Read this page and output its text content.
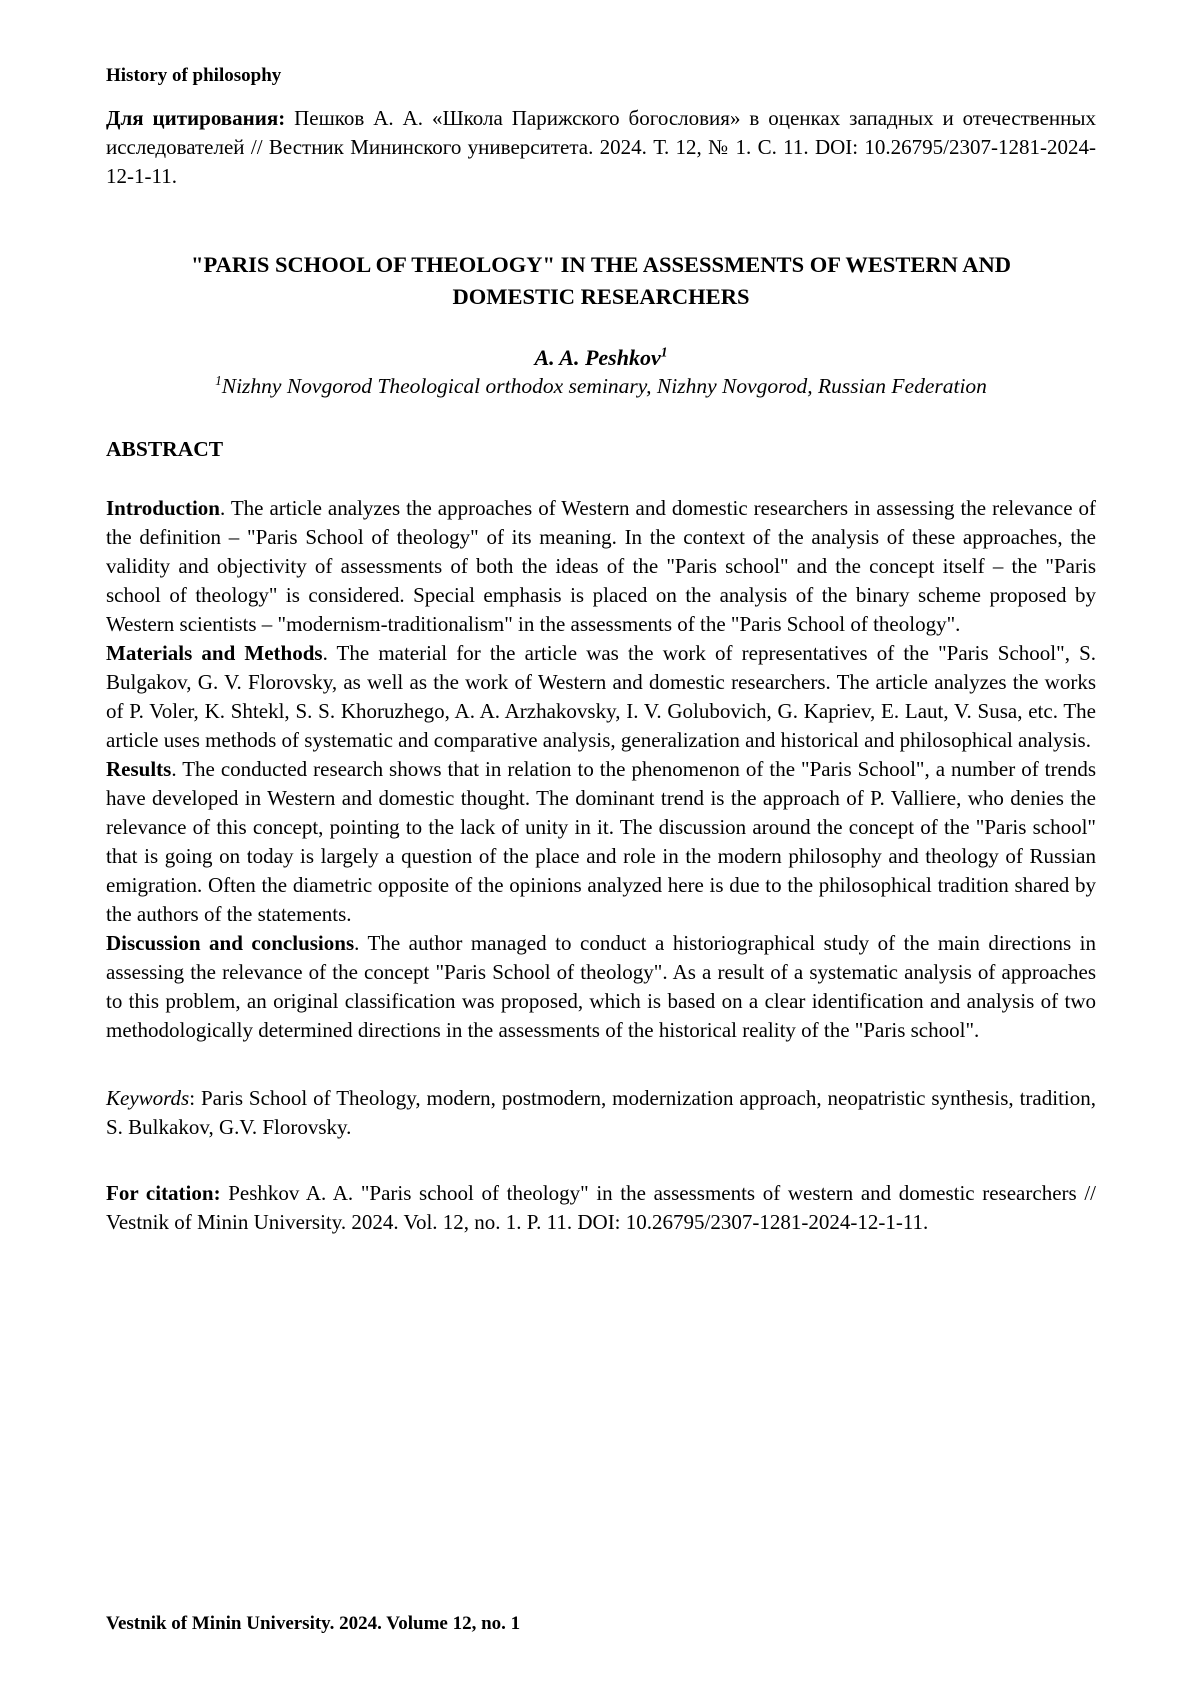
History of philosophy

Для цитирования: Пешков А. А. «Школа Парижского богословия» в оценках западных и отечественных исследователей // Вестник Мининского университета. 2024. Т. 12, № 1. С. 11. DOI: 10.26795/2307-1281-2024-12-1-11.

"PARIS SCHOOL OF THEOLOGY" IN THE ASSESSMENTS OF WESTERN AND DOMESTIC RESEARCHERS
A. A. Peshkov$^1$
$^1$Nizhny Novgorod Theological orthodox seminary, Nizhny Novgorod, Russian Federation
ABSTRACT

Introduction. The article analyzes the approaches of Western and domestic researchers in assessing the relevance of the definition – "Paris School of theology" of its meaning. In the context of the analysis of these approaches, the validity and objectivity of assessments of both the ideas of the "Paris school" and the concept itself – the "Paris school of theology" is considered. Special emphasis is placed on the analysis of the binary scheme proposed by Western scientists – "modernism-traditionalism" in the assessments of the "Paris School of theology".

Materials and Methods. The material for the article was the work of representatives of the "Paris School", S. Bulgakov, G. V. Florovsky, as well as the work of Western and domestic researchers. The article analyzes the works of P. Voler, K. Shtekl, S. S. Khoruzhego, A. A. Arzhakovsky, I. V. Golubovich, G. Kapriev, E. Laut, V. Susa, etc. The article uses methods of systematic and comparative analysis, generalization and historical and philosophical analysis.

Results. The conducted research shows that in relation to the phenomenon of the "Paris School", a number of trends have developed in Western and domestic thought. The dominant trend is the approach of P. Valliere, who denies the relevance of this concept, pointing to the lack of unity in it. The discussion around the concept of the "Paris school" that is going on today is largely a question of the place and role in the modern philosophy and theology of Russian emigration. Often the diametric opposite of the opinions analyzed here is due to the philosophical tradition shared by the authors of the statements.

Discussion and conclusions. The author managed to conduct a historiographical study of the main directions in assessing the relevance of the concept "Paris School of theology". As a result of a systematic analysis of approaches to this problem, an original classification was proposed, which is based on a clear identification and analysis of two methodologically determined directions in the assessments of the historical reality of the "Paris school".

Keywords: Paris School of Theology, modern, postmodern, modernization approach, neopatristic synthesis, tradition, S. Bulkakov, G.V. Florovsky.

For citation: Peshkov A. A. "Paris school of theology" in the assessments of western and domestic researchers // Vestnik of Minin University. 2024. Vol. 12, no. 1. P. 11. DOI: 10.26795/2307-1281-2024-12-1-11.

Vestnik of Minin University. 2024. Volume 12, no. 1
